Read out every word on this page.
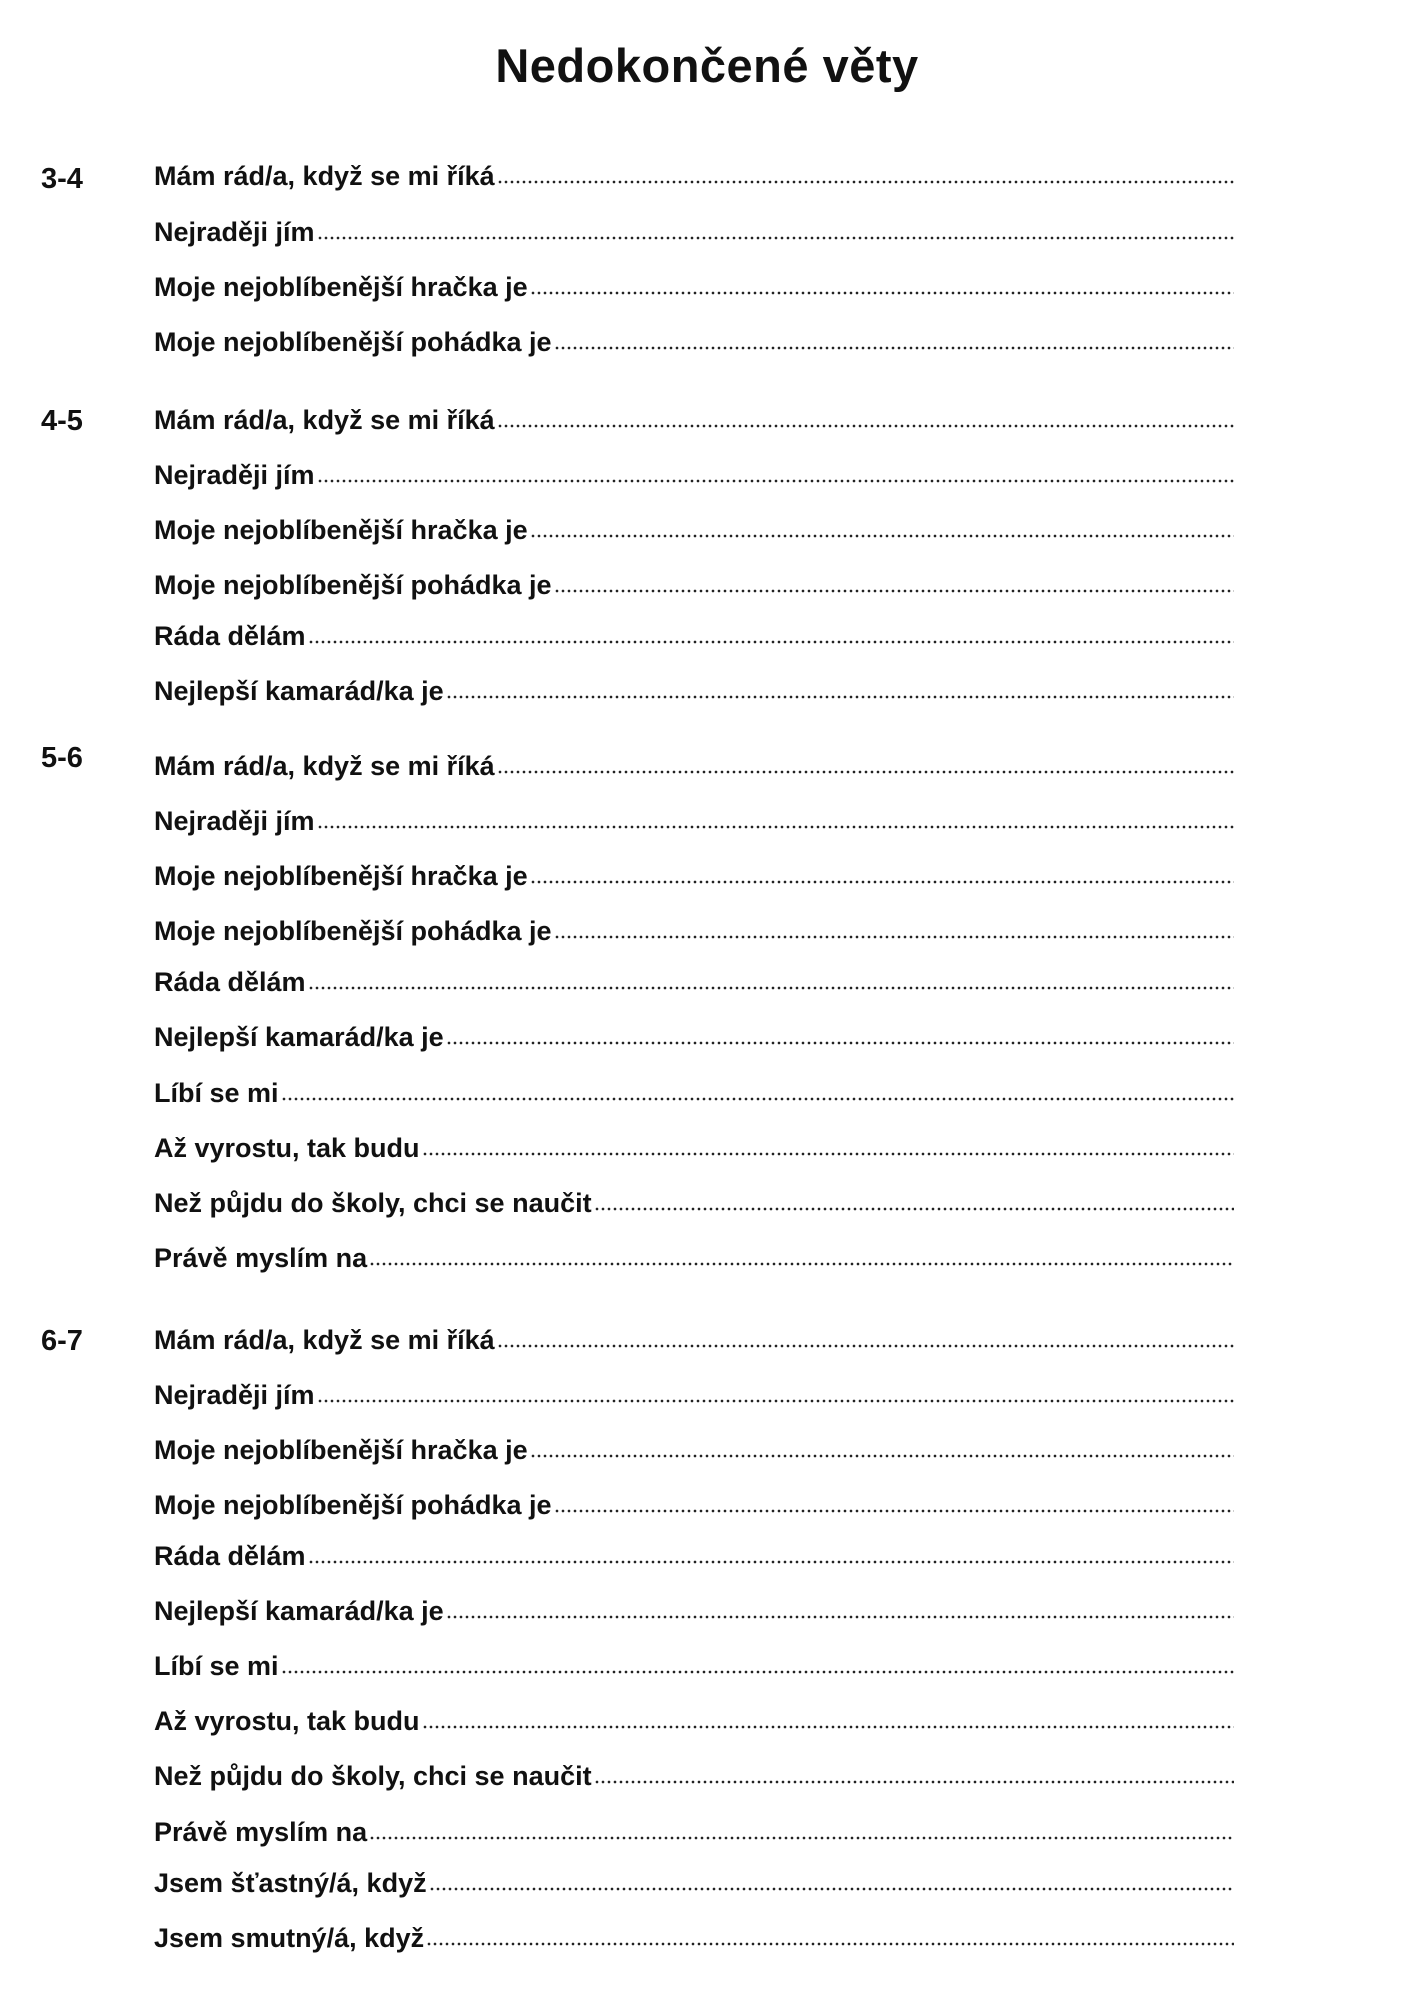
Nedokončené věty
3-4	Mám rád/a, když se mi říká
Nejraději jím
Moje nejoblíbenější hračka je
Moje nejoblíbenější pohádka je
4-5	Mám rád/a, když se mi říká
Nejraději jím
Moje nejoblíbenější hračka je
Moje nejoblíbenější pohádka je
Ráda dělám
Nejlepší kamarád/ka je
5-6	Mám rád/a, když se mi říká
Nejraději jím
Moje nejoblíbenější hračka je
Moje nejoblíbenější pohádka je
Ráda dělám
Nejlepší kamarád/ka je
Líbí se mi
Až vyrostu, tak budu
Než půjdu do školy, chci se naučit
Právě myslím na
6-7	Mám rád/a, když se mi říká
Nejraději jím
Moje nejoblíbenější hračka je
Moje nejoblíbenější pohádka je
Ráda dělám
Nejlepší kamarád/ka je
Líbí se mi
Až vyrostu, tak budu
Než půjdu do školy, chci se naučit
Právě myslím na
Jsem šťastný/á, když
Jsem smutný/á, když
